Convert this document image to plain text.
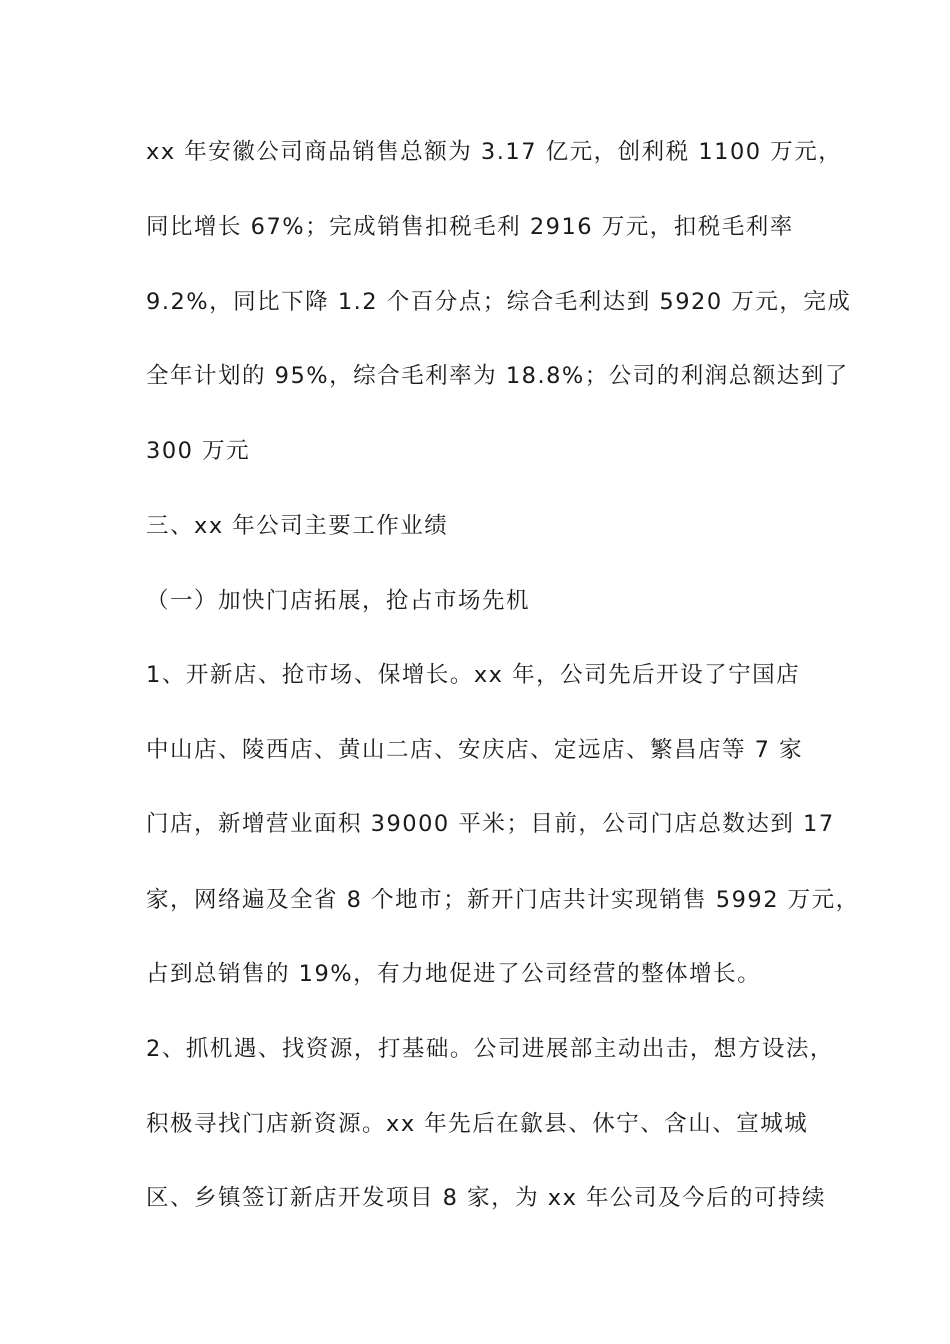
xx 年安徽公司商品销售总额为 3.17 亿元，创利税 1100 万元，
同比增长 67%；完成销售扣税毛利 2916 万元，扣税毛利率
9.2%，同比下降 1.2 个百分点；综合毛利达到 5920 万元，完成
全年计划的 95%，综合毛利率为 18.8%；公司的利润总额达到了
300 万元
三、xx 年公司主要工作业绩
（一）加快门店拓展，抢占市场先机
1、开新店、抢市场、保增长。xx 年，公司先后开设了宁国店
中山店、陵西店、黄山二店、安庆店、定远店、繁昌店等 7 家
门店，新增营业面积 39000 平米；目前，公司门店总数达到 17
家，网络遍及全省 8 个地市；新开门店共计实现销售 5992 万元，
占到总销售的 19%，有力地促进了公司经营的整体增长。
2、抓机遇、找资源，打基础。公司进展部主动出击，想方设法，
积极寻找门店新资源。xx 年先后在歙县、休宁、含山、宣城城
区、乡镇签订新店开发项目 8 家，为 xx 年公司及今后的可持续
